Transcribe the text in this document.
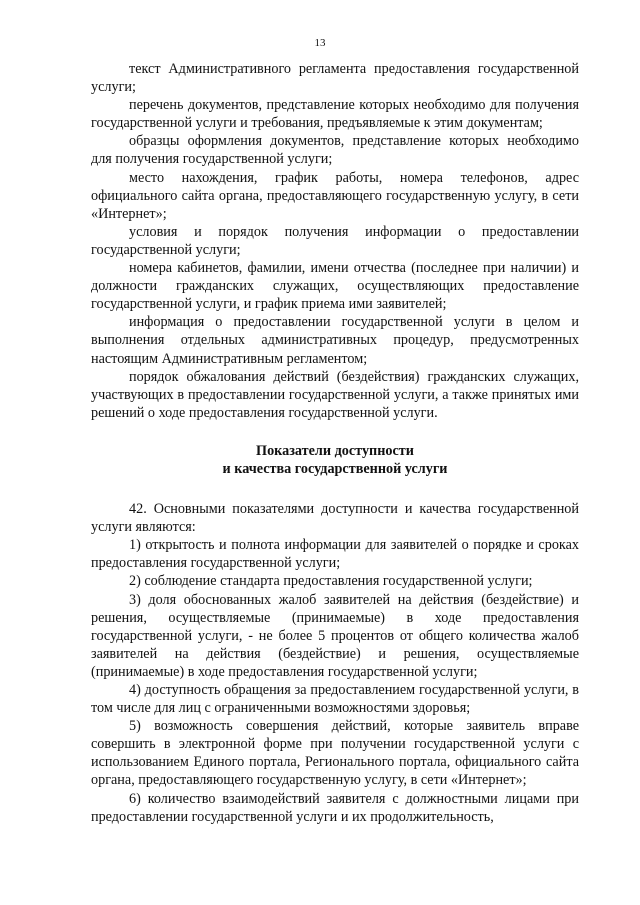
13

текст Административного регламента предоставления государственной услуги;

перечень документов, представление которых необходимо для получения государственной услуги и требования, предъявляемые к этим документам;

образцы оформления документов, представление которых необходимо для получения государственной услуги;

место нахождения, график работы, номера телефонов, адрес официального сайта органа, предоставляющего государственную услугу, в сети «Интернет»;

условия и порядок получения информации о предоставлении государственной услуги;

номера кабинетов, фамилии, имени отчества (последнее при наличии) и должности гражданских служащих, осуществляющих предоставление государственной услуги, и график приема ими заявителей;

информация о предоставлении государственной услуги в целом и выполнения отдельных административных процедур, предусмотренных настоящим Административным регламентом;

порядок обжалования действий (бездействия) гражданских служащих, участвующих в предоставлении государственной услуги, а также принятых ими решений о ходе предоставления государственной услуги.

Показатели доступности
и качества государственной услуги

42. Основными показателями доступности и качества государственной услуги являются:

1) открытость и полнота информации для заявителей о порядке и сроках предоставления государственной услуги;

2) соблюдение стандарта предоставления государственной услуги;

3) доля обоснованных жалоб заявителей на действия (бездействие) и решения, осуществляемые (принимаемые) в ходе предоставления государственной услуги, - не более 5 процентов от общего количества жалоб заявителей на действия (бездействие) и решения, осуществляемые (принимаемые) в ходе предоставления государственной услуги;

4) доступность обращения за предоставлением государственной услуги, в том числе для лиц с ограниченными возможностями здоровья;

5) возможность совершения действий, которые заявитель вправе совершить в электронной форме при получении государственной услуги с использованием Единого портала, Регионального портала, официального сайта органа, предоставляющего государственную услугу, в сети «Интернет»;

6) количество взаимодействий заявителя с должностными лицами при предоставлении государственной услуги и их продолжительность,
